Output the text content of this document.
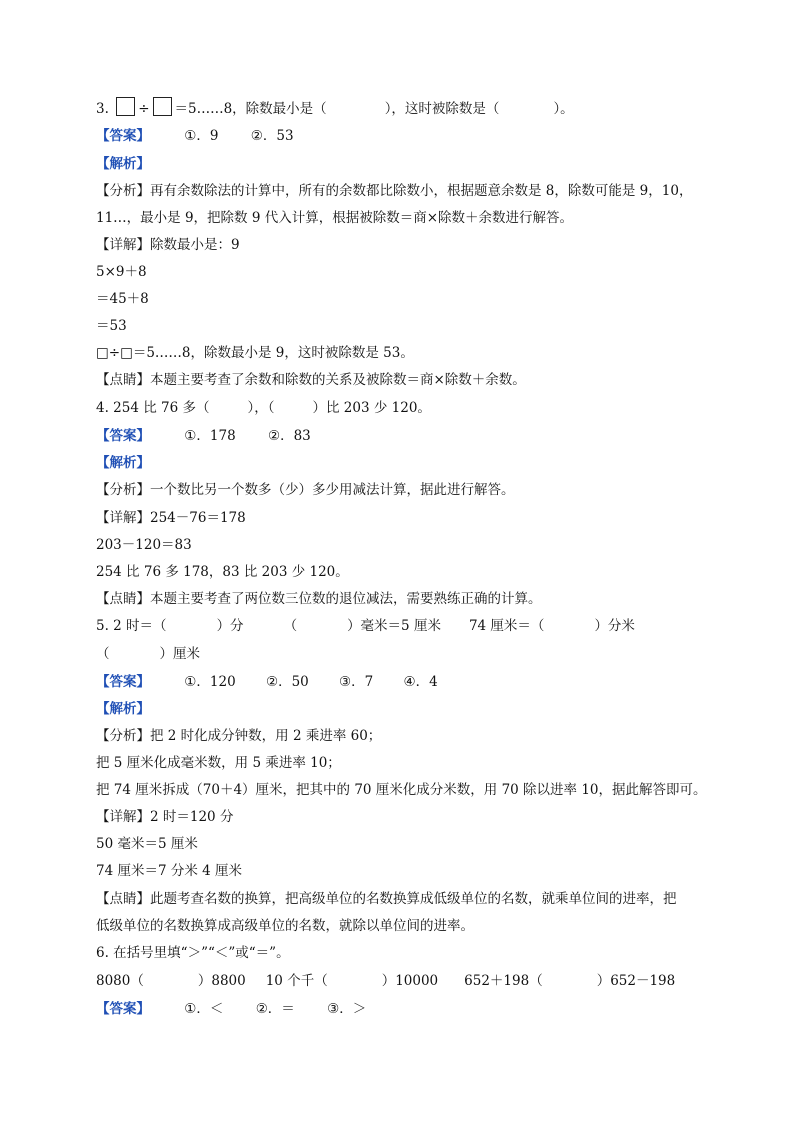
3. ÷ ＝5……8，除数最小是（	），这时被除数是（	）。
【答案】	①．9 ②．53
【解析】
【分析】再有余数除法的计算中，所有的余数都比除数小，根据题意余数是 8，除数可能是 9，10，
11…，最小是 9，把除数 9 代入计算，根据被除数＝商×除数＋余数进行解答。
【详解】除数最小是：9
5×9＋8
＝45＋8
＝53
□÷□＝5……8，除数最小是 9，这时被除数是 53。
【点睛】本题主要考查了余数和除数的关系及被除数＝商×除数＋余数。
4. 254 比 76 多（	），（	）比 203 少 120。
【答案】	①．178 ②．83
【解析】
【分析】一个数比另一个数多（少）多少用减法计算，据此进行解答。
【详解】254－76＝178
203－120＝83
254 比 76 多 178，83 比 203 少 120。
【点睛】本题主要考查了两位数三位数的退位减法，需要熟练正确的计算。
5. 2 时＝（	）分	（	）毫米＝5 厘米 74 厘米＝（	）分米
（	）厘米
【答案】	①．120 ②．50 ③．7 ④．4
【解析】
【分析】把 2 时化成分钟数，用 2 乘进率 60；
把 5 厘米化成毫米数，用 5 乘进率 10；
把 74 厘米拆成（70＋4）厘米，把其中的 70 厘米化成分米数，用 70 除以进率 10，据此解答即可。
【详解】2 时＝120 分
50 毫米＝5 厘米
74 厘米＝7 分米 4 厘米
【点睛】此题考查名数的换算，把高级单位的名数换算成低级单位的名数，就乘单位间的进率，把
低级单位的名数换算成高级单位的名数，就除以单位间的进率。
6. 在括号里填“＞”“＜”或“＝”。
8080（	）8800 10 个千（	）10000 652＋198（	）652－198
【答案】	①．＜ ②．＝ ③．＞
